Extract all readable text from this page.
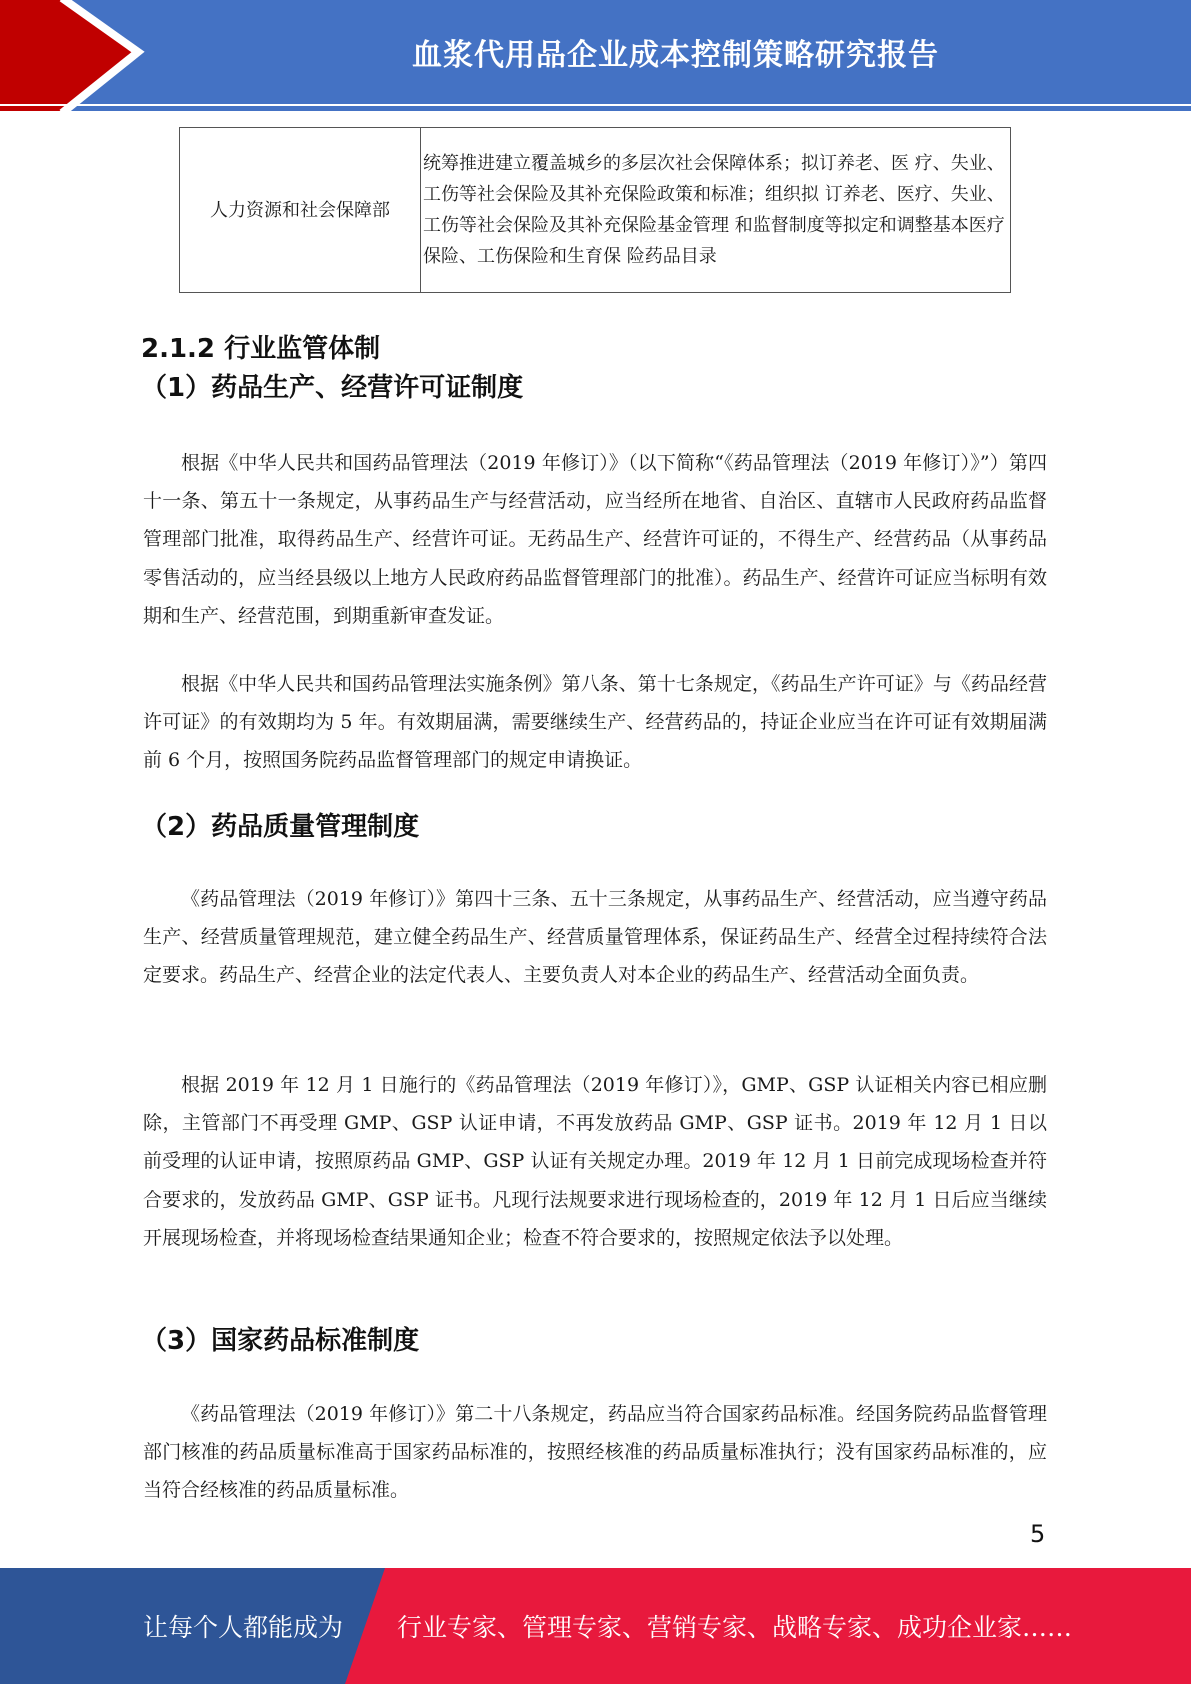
血浆代用品企业成本控制策略研究报告
人力资源和社会保障部	统筹推进建立覆盖城乡的多层次社会保障体系；拟订养老、医 疗、失业、工伤等社会保险及其补充保险政策和标准；组织拟 订养老、医疗、失业、工伤等社会保险及其补充保险基金管理 和监督制度等拟定和调整基本医疗保险、工伤保险和生育保 险药品目录
2.1.2 行业监管体制
（1）药品生产、经营许可证制度

根据《中华人民共和国药品管理法（2019 年修订）》（以下简称“《药品管理法（2019 年修订）》”）第四十一条、第五十一条规定，从事药品生产与经营活动，应当经所在地省、自治区、直辖市人民政府药品监督管理部门批准，取得药品生产、经营许可证。无药品生产、经营许可证的，不得生产、经营药品（从事药品零售活动的，应当经县级以上地方人民政府药品监督管理部门的批准）。药品生产、经营许可证应当标明有效期和生产、经营范围，到期重新审查发证。

根据《中华人民共和国药品管理法实施条例》第八条、第十七条规定，《药品生产许可证》与《药品经营许可证》的有效期均为 5 年。有效期届满，需要继续生产、经营药品的，持证企业应当在许可证有效期届满前 6 个月，按照国务院药品监督管理部门的规定申请换证。

（2）药品质量管理制度

《药品管理法（2019 年修订）》第四十三条、五十三条规定，从事药品生产、经营活动，应当遵守药品生产、经营质量管理规范，建立健全药品生产、经营质量管理体系，保证药品生产、经营全过程持续符合法定要求。药品生产、经营企业的法定代表人、主要负责人对本企业的药品生产、经营活动全面负责。

根据 2019 年 12 月 1 日施行的《药品管理法（2019 年修订）》，GMP、GSP 认证相关内容已相应删除，主管部门不再受理 GMP、GSP 认证申请，不再发放药品 GMP、GSP 证书。2019 年 12 月 1 日以前受理的认证申请，按照原药品 GMP、GSP 认证有关规定办理。2019 年 12 月 1 日前完成现场检查并符合要求的，发放药品 GMP、GSP 证书。凡现行法规要求进行现场检查的，2019 年 12 月 1 日后应当继续开展现场检查，并将现场检查结果通知企业；检查不符合要求的，按照规定依法予以处理。

（3）国家药品标准制度

《药品管理法（2019 年修订）》第二十八条规定，药品应当符合国家药品标准。经国务院药品监督管理部门核准的药品质量标准高于国家药品标准的，按照经核准的药品质量标准执行；没有国家药品标准的，应当符合经核准的药品质量标准。

5
让每个人都能成为 行业专家、管理专家、营销专家、战略专家、成功企业家……
